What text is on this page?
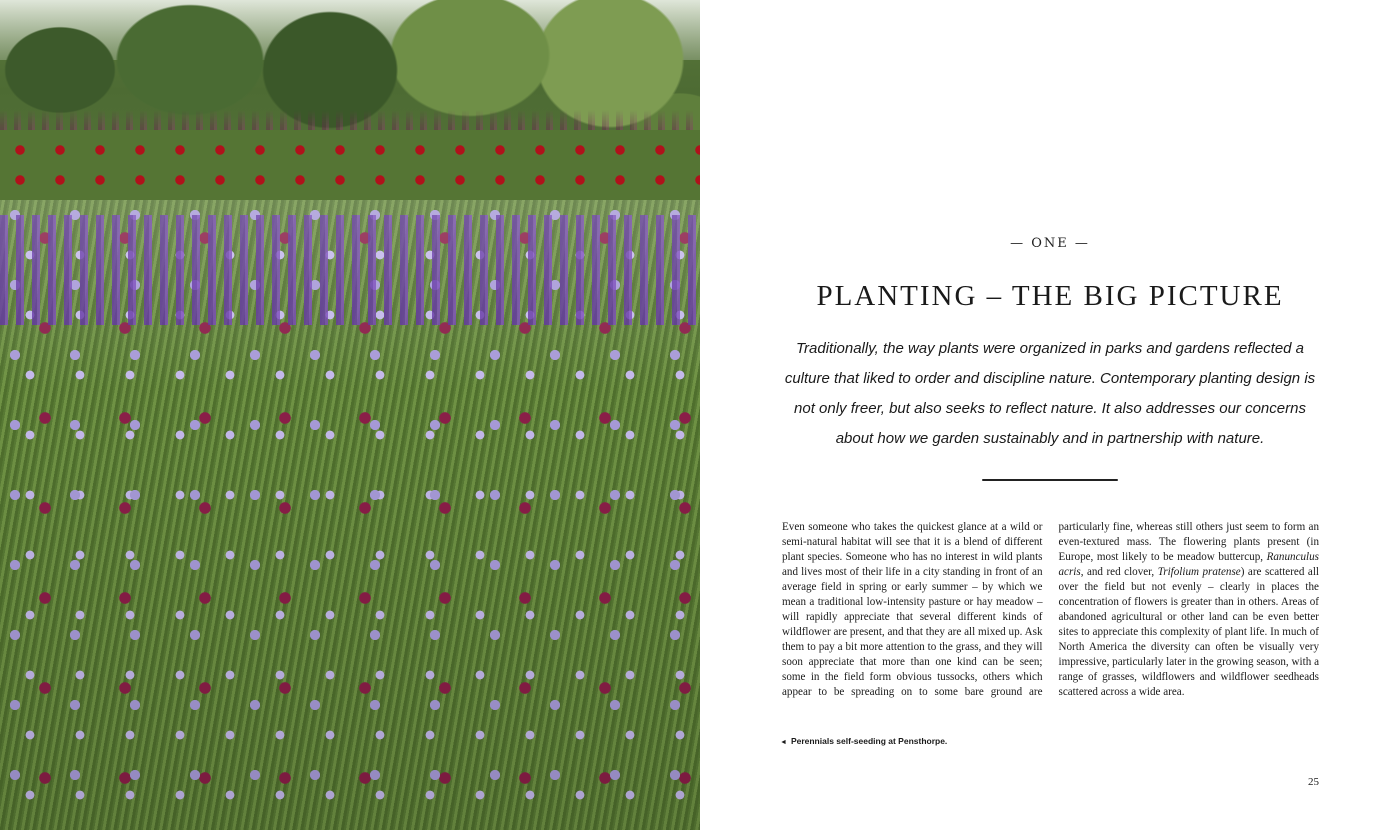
— ONE —
PLANTING – THE BIG PICTURE

Traditionally, the way plants were organized in parks and gardens reflected a culture that liked to order and discipline nature. Contemporary planting design is not only freer, but also seeks to reflect nature. It also addresses our concerns about how we garden sustainably and in partnership with nature.

Even someone who takes the quickest glance at a wild or semi-natural habitat will see that it is a blend of different plant species. Someone who has no interest in wild plants and lives most of their life in a city standing in front of an average field in spring or early summer – by which we mean a traditional low-intensity pasture or hay meadow – will rapidly appreciate that several different kinds of wildflower are present, and that they are all mixed up. Ask them to pay a bit more attention to the grass, and they will soon appreciate that more than one kind can be seen; some in the field form obvious tussocks, others which appear to be spreading on to some bare ground are particularly fine, whereas still others just seem to form an even-textured mass. The flowering plants present (in Europe, most likely to be meadow buttercup, Ranunculus acris, and red clover, Trifolium pratense) are scattered all over the field but not evenly – clearly in places the concentration of flowers is greater than in others. Areas of abandoned agricultural or other land can be even better sites to appreciate this complexity of plant life. In much of North America the diversity can often be visually very impressive, particularly later in the growing season, with a range of grasses, wildflowers and wildflower seedheads scattered across a wide area.

◄ Perennials self-seeding at Pensthorpe.
25
